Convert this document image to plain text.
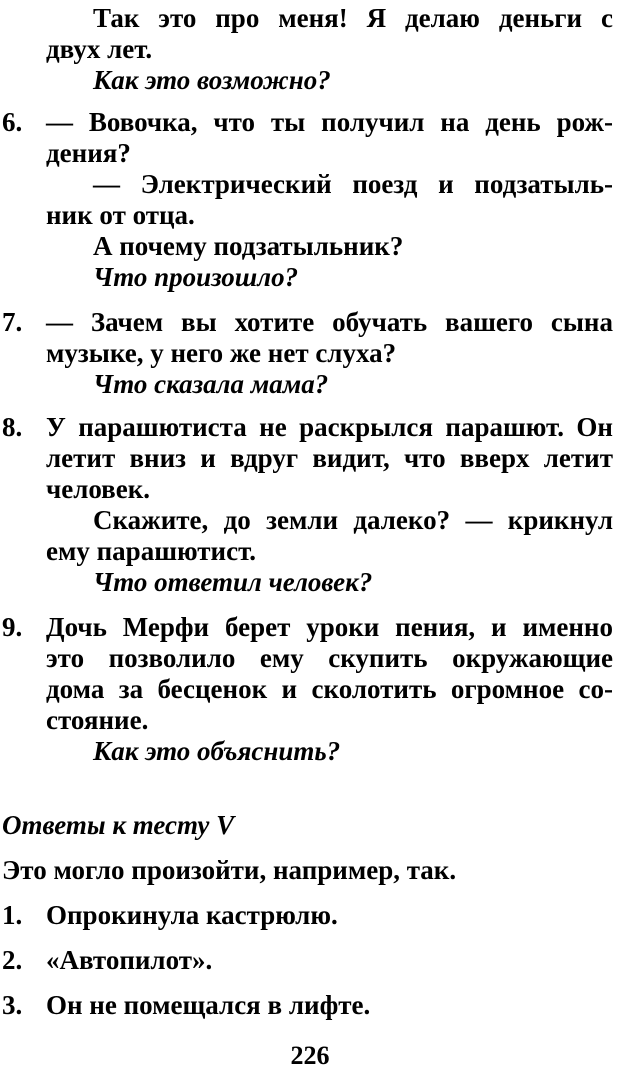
Так это про меня! Я делаю деньги с
двух лет.
Как это возможно?
6. — Вовочка, что ты получил на день рож-
дения?
— Электрический поезд и подзатыль-
ник от отца.
А почему подзатыльник?
Что произошло?
7. — Зачем вы хотите обучать вашего сына
музыке, у него же нет слуха?
Что сказала мама?
8. У парашютиста не раскрылся парашют. Он
летит вниз и вдруг видит, что вверх летит
человек.
Скажите, до земли далеко? — крикнул
ему парашютист.
Что ответил человек?
9. Дочь Мерфи берет уроки пения, и именно
это позволило ему скупить окружающие
дома за бесценок и сколотить огромное со-
стояние.
Как это объяснить?
Ответы к тесту V
Это могло произойти, например, так.
1. Опрокинула кастрюлю.
2. «Автопилот».
3. Он не помещался в лифте.
226
